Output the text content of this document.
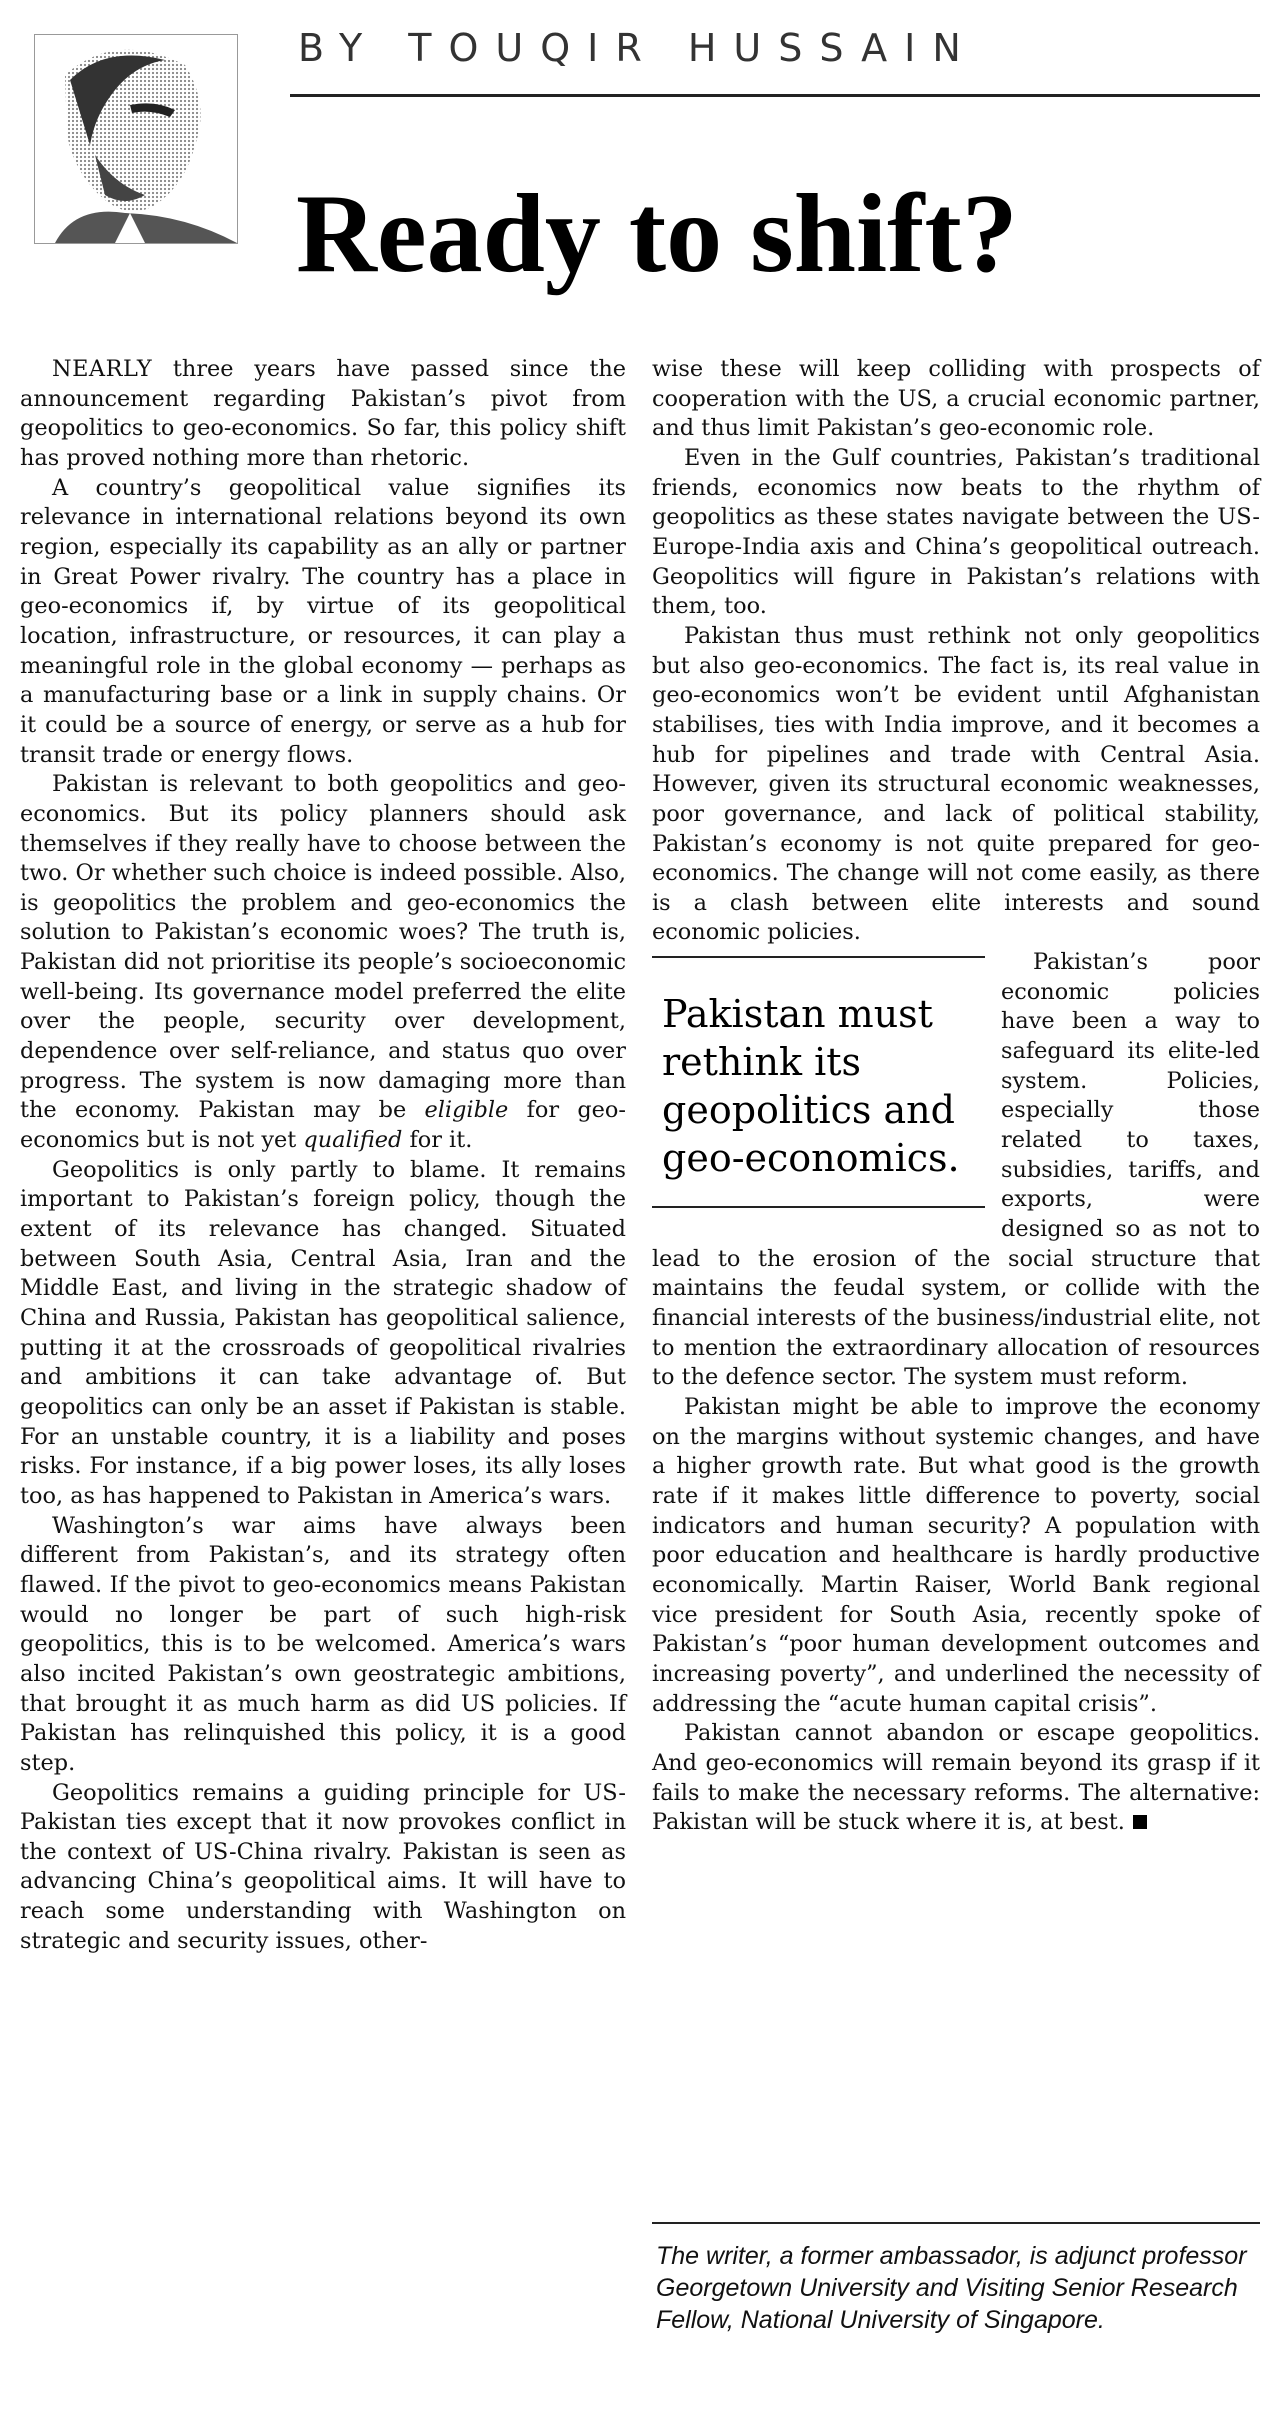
BY TOUQIR HUSSAIN
Ready to shift?

NEARLY three years have passed since the announcement regarding Pakistan’s pivot from geopolitics to geo-economics. So far, this policy shift has proved nothing more than rhetoric.

A country’s geopolitical value signifies its relevance in international relations beyond its own region, especially its capability as an ally or partner in Great Power rivalry. The country has a place in geo-economics if, by virtue of its geopolitical location, infrastructure, or resources, it can play a meaningful role in the global economy — perhaps as a manufacturing base or a link in supply chains. Or it could be a source of energy, or serve as a hub for transit trade or energy flows.

Pakistan is relevant to both geopolitics and geo-economics. But its policy planners should ask themselves if they really have to choose between the two. Or whether such choice is indeed possible. Also, is geopolitics the problem and geo-economics the solution to Pakistan’s economic woes? The truth is, Pakistan did not prioritise its people’s socioeconomic well-being. Its governance model preferred the elite over the people, security over development, dependence over self-reliance, and status quo over progress. The system is now damaging more than the economy. Pakistan may be eligible for geo-economics but is not yet qualified for it.

Geopolitics is only partly to blame. It remains important to Pakistan’s foreign policy, though the extent of its relevance has changed. Situated between South Asia, Central Asia, Iran and the Middle East, and living in the strategic shadow of China and Russia, Pakistan has geopolitical salience, putting it at the crossroads of geopolitical rivalries and ambitions it can take advantage of. But geopolitics can only be an asset if Pakistan is stable. For an unstable country, it is a liability and poses risks. For instance, if a big power loses, its ally loses too, as has happened to Pakistan in America’s wars.

Washington’s war aims have always been different from Pakistan’s, and its strategy often flawed. If the pivot to geo-economics means Pakistan would no longer be part of such high-risk geopolitics, this is to be welcomed. America’s wars also incited Pakistan’s own geostrategic ambitions, that brought it as much harm as did US policies. If Pakistan has relinquished this policy, it is a good step.

Geopolitics remains a guiding principle for US-Pakistan ties except that it now provokes conflict in the context of US-China rivalry. Pakistan is seen as advancing China’s geopolitical aims. It will have to reach some understanding with Washington on strategic and security issues, other-

wise these will keep colliding with prospects of cooperation with the US, a crucial economic partner, and thus limit Pakistan’s geo-economic role.

Even in the Gulf countries, Pakistan’s traditional friends, economics now beats to the rhythm of geopolitics as these states navigate between the US-Europe-India axis and China’s geopolitical outreach. Geopolitics will figure in Pakistan’s relations with them, too.

Pakistan thus must rethink not only geopolitics but also geo-economics. The fact is, its real value in geo-economics won’t be evident until Afghanistan stabilises, ties with India improve, and it becomes a hub for pipelines and trade with Central Asia. However, given its structural economic weaknesses, poor governance, and lack of political stability, Pakistan’s economy is not quite prepared for geo-economics. The change will not come easily, as there is a clash between elite interests and sound economic policies.

Pakistan must rethink its geopolitics and geo-economics.

Pakistan’s poor economic policies have been a way to safeguard its elite-led system. Policies, especially those related to taxes, subsidies, tariffs, and exports, were designed so as not to lead to the erosion of the social structure that maintains the feudal system, or collide with the financial interests of the business/industrial elite, not to mention the extraordinary allocation of resources to the defence sector. The system must reform.

Pakistan might be able to improve the economy on the margins without systemic changes, and have a higher growth rate. But what good is the growth rate if it makes little difference to poverty, social indicators and human security? A population with poor education and healthcare is hardly productive economically. Martin Raiser, World Bank regional vice president for South Asia, recently spoke of Pakistan’s “poor human development outcomes and increasing poverty”, and underlined the necessity of addressing the “acute human capital crisis”.

Pakistan cannot abandon or escape geopolitics. And geo-economics will remain beyond its grasp if it fails to make the necessary reforms. The alternative: Pakistan will be stuck where it is, at best.

The writer, a former ambassador, is adjunct professor Georgetown University and Visiting Senior Research Fellow, National University of Singapore.
